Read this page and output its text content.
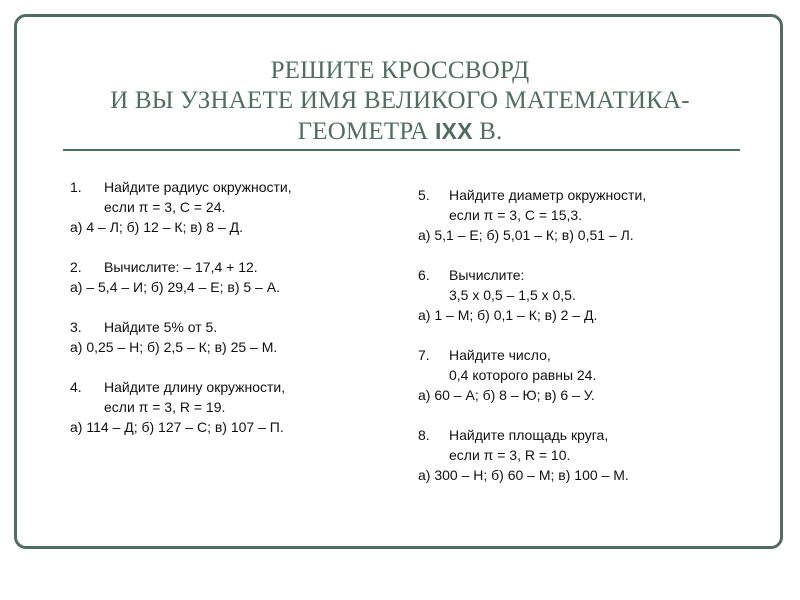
РЕШИТЕ КРОССВОРД
И ВЫ УЗНАЕТЕ ИМЯ ВЕЛИКОГО МАТЕМАТИКА-
ГЕОМЕТРА IXX В.
1. Найдите радиус окружности,
если π = 3, С = 24.
а) 4 – Л; б) 12 – К; в) 8 – Д.
2. Вычислите: – 17,4 + 12.
а) – 5,4 – И; б) 29,4 – Е; в) 5 – А.
3. Найдите 5% от 5.
а) 0,25 – Н; б) 2,5 – К; в) 25 – М.
4. Найдите длину окружности,
если π = 3, R = 19.
а) 114 – Д; б) 127 – С; в) 107 – П.
5. Найдите диаметр окружности,
если π = 3, С = 15,3.
а) 5,1 – Е; б) 5,01 – К; в) 0,51 – Л.
6. Вычислите:
3,5 х 0,5 – 1,5 х 0,5.
а) 1 – М; б) 0,1 – К; в) 2 – Д.
7. Найдите число,
0,4 которого равны 24.
а) 60 – А; б) 8 – Ю; в) 6 – У.
8. Найдите площадь круга,
если π = 3, R = 10.
а) 300 – Н; б) 60 – М; в) 100 – М.
